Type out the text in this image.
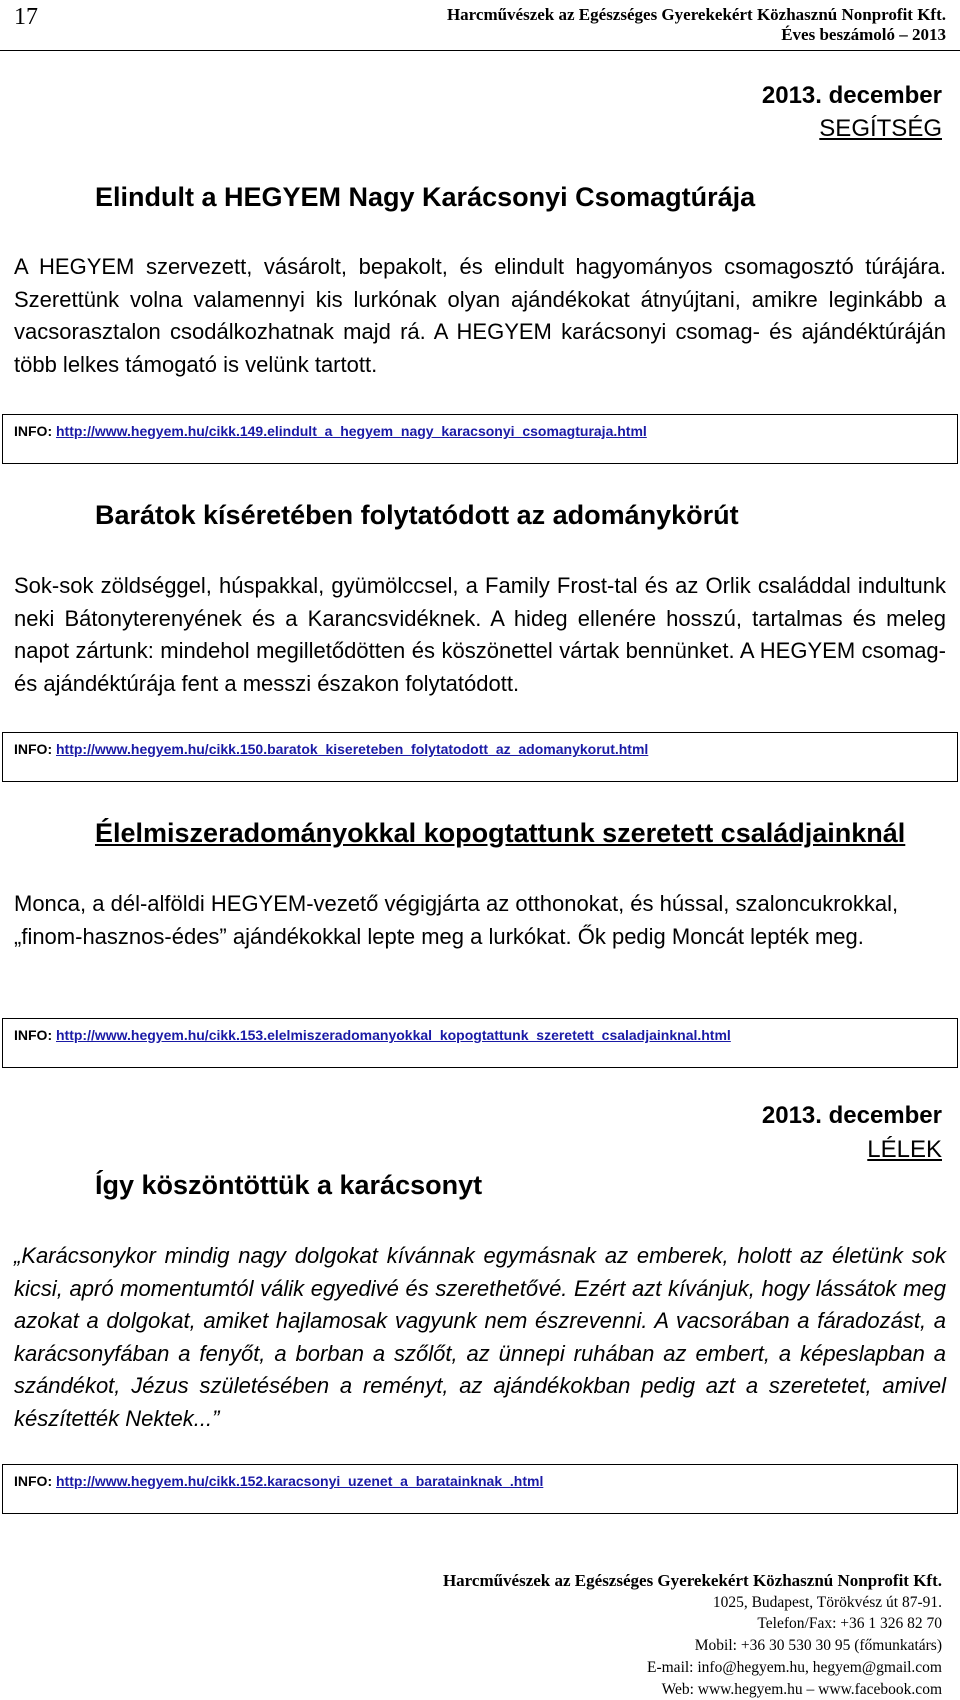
17	Harcművészek az Egészséges Gyerekekért Közhasznú Nonprofit Kft.
Éves beszámoló – 2013
2013. december
SEGÍTSÉG
Elindult a HEGYEM Nagy Karácsonyi Csomagtúrája
A HEGYEM szervezett, vásárolt, bepakolt, és elindult hagyományos csomagosztó túrájára. Szerettünk volna valamennyi kis lurkónak olyan ajándékokat átnyújtani, amikre leginkább a vacsorasztalon csodálkozhatnak majd rá. A HEGYEM karácsonyi csomag- és ajándéktúráján több lelkes támogató is velünk tartott.
INFO: http://www.hegyem.hu/cikk.149.elindult_a_hegyem_nagy_karacsonyi_csomagturaja.html
Barátok kíséretében folytatódott az adománykörút
Sok-sok zöldséggel, húspakkal, gyümölccsel, a Family Frost-tal és az Orlik családdal indultunk neki Bátonyterenyének és a Karancsvidéknek. A hideg ellenére hosszú, tartalmas és meleg napot zártunk: mindehol megilletődötten és köszönettel vártak bennünket. A HEGYEM csomag- és ajándéktúrája fent a messzi északon folytatódott.
INFO: http://www.hegyem.hu/cikk.150.baratok_kisereteben_folytatodott_az_adomanykorut.html
Élelmiszeradományokkal kopogtattunk szeretett családjainknál
Monca, a dél-alföldi HEGYEM-vezető végigjárta az otthonokat, és hússal, szaloncukrokkal, „finom-hasznos-édes” ajándékokkal lepte meg a lurkókat. Ők pedig Moncát lepték meg.
INFO: http://www.hegyem.hu/cikk.153.elelmiszeradomanyokkal_kopogtattunk_szeretett_csaladjainknal.html
2013. december
LÉLEK
Így köszöntöttük a karácsonyt
„Karácsonykor mindig nagy dolgokat kívánnak egymásnak az emberek, holott az életünk sok kicsi, apró momentumtól válik egyedivé és szerethetővé. Ezért azt kívánjuk, hogy lássátok meg azokat a dolgokat, amiket hajlamosak vagyunk nem észrevenni. A vacsorában a fáradozást, a karácsonyfában a fenyőt, a borban a szőlőt, az ünnepi ruhában az embert, a képeslapban a szándékot, Jézus születésében a reményt, az ajándékokban pedig azt a szeretetet, amivel készítették Nektek...”
INFO: http://www.hegyem.hu/cikk.152.karacsonyi_uzenet_a_baratainknak_.html
Harcművészek az Egészséges Gyerekekért Közhasznú Nonprofit Kft.
1025, Budapest, Törökvész út 87-91.
Telefon/Fax: +36 1 326 82 70
Mobil: +36 30 530 30 95 (főmunkatárs)
E-mail: info@hegyem.hu, hegyem@gmail.com
Web: www.hegyem.hu – www.facebook.com
